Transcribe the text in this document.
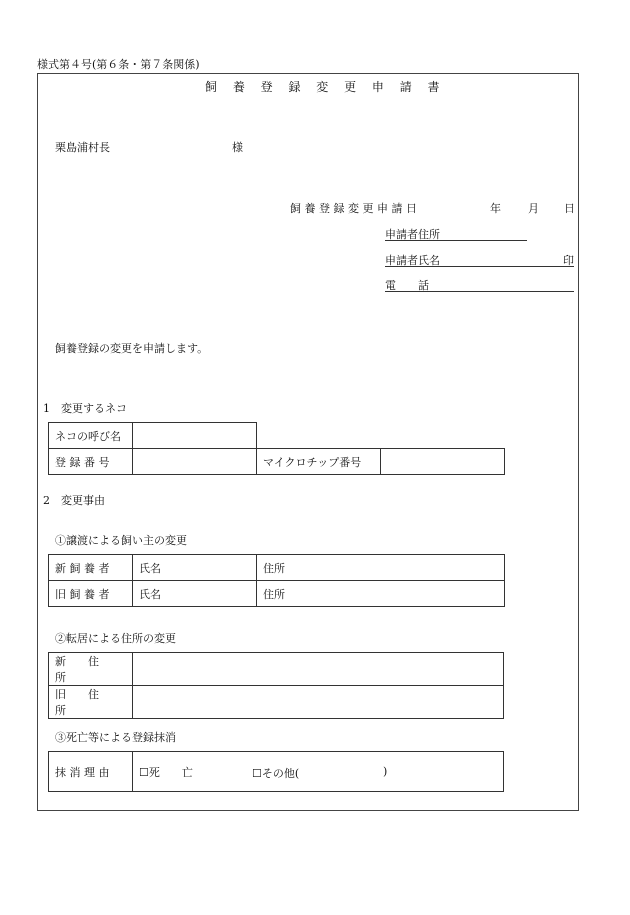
様式第４号(第６条・第７条関係)
飼 養 登 録 変 更 申 請 書
栗島浦村長	様
飼 養 登 録 変 更 申 請 日	年 月 日
申請者住所
申請者氏名	印
電　　話
飼養登録の変更を申請します。
1　変更するネコ
ネコの呼び名	
登 録 番 号		マイクロチップ番号	
2　変更事由
①譲渡による飼い主の変更
新 飼 養 者	氏名	住所
旧 飼 養 者	氏名	住所
②転居による住所の変更
新　　住　　所	
旧　　住　　所	
③死亡等による登録抹消
抹 消 理 由	☐死　　亡	☐その他(	)
